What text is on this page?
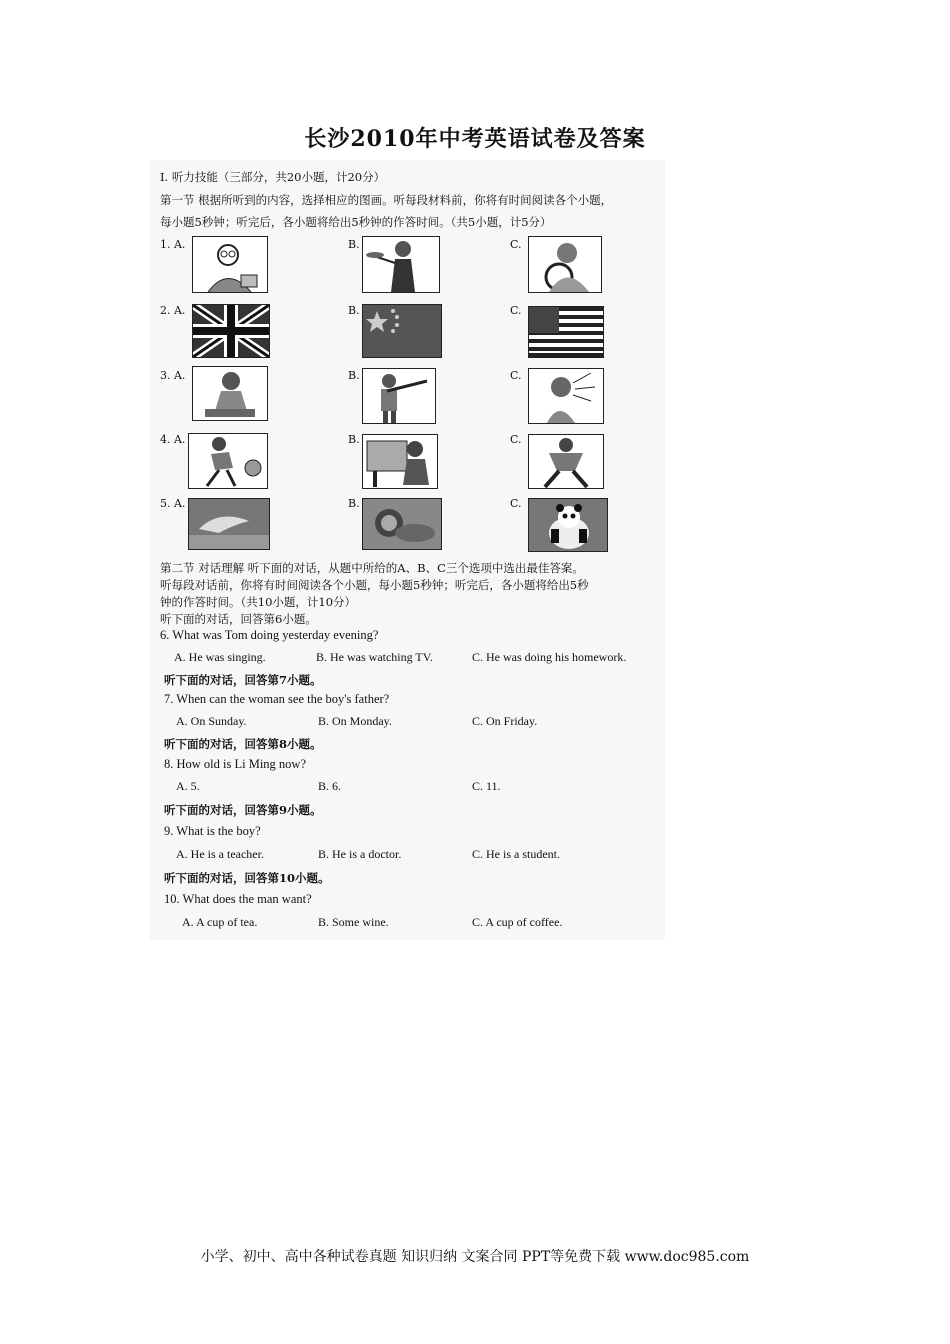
长沙2010年中考英语试卷及答案
I. 听力技能（三部分，共20小题，计20分）
第一节 根据所听到的内容，选择相应的图画。听每段材料前，你将有时间阅读各个小题，
每小题5秒钟；听完后，各小题将给出5秒钟的作答时间。（共5小题，计5分）
1. A.	B.	C.
2. A.	B.	C.
3. A.	B.	C.
4. A.	B.	C.
5. A.	B.	C.
第二节 对话理解 听下面的对话，从题中所给的A、B、C三个选项中选出最佳答案。
听每段对话前，你将有时间阅读各个小题，每小题5秒钟；听完后，各小题将给出5秒
钟的作答时间。（共10小题，计10分）
听下面的对话，回答第6小题。
6. What was Tom doing yesterday evening?
A. He was singing.	B. He was watching TV.	C. He was doing his homework.
听下面的对话，回答第7小题。
7. When can the woman see the boy's father?
A. On Sunday.	B. On Monday.	C. On Friday.
听下面的对话，回答第8小题。
8. How old is Li Ming now?
A. 5.	B. 6.	C. 11.
听下面的对话，回答第9小题。
9. What is the boy?
A. He is a teacher.	B. He is a doctor.	C. He is a student.
听下面的对话，回答第10小题。
10. What does the man want?
A. A cup of tea.	B. Some wine.	C. A cup of coffee.
小学、初中、高中各种试卷真题 知识归纳 文案合同 PPT等免费下载 www.doc985.com
